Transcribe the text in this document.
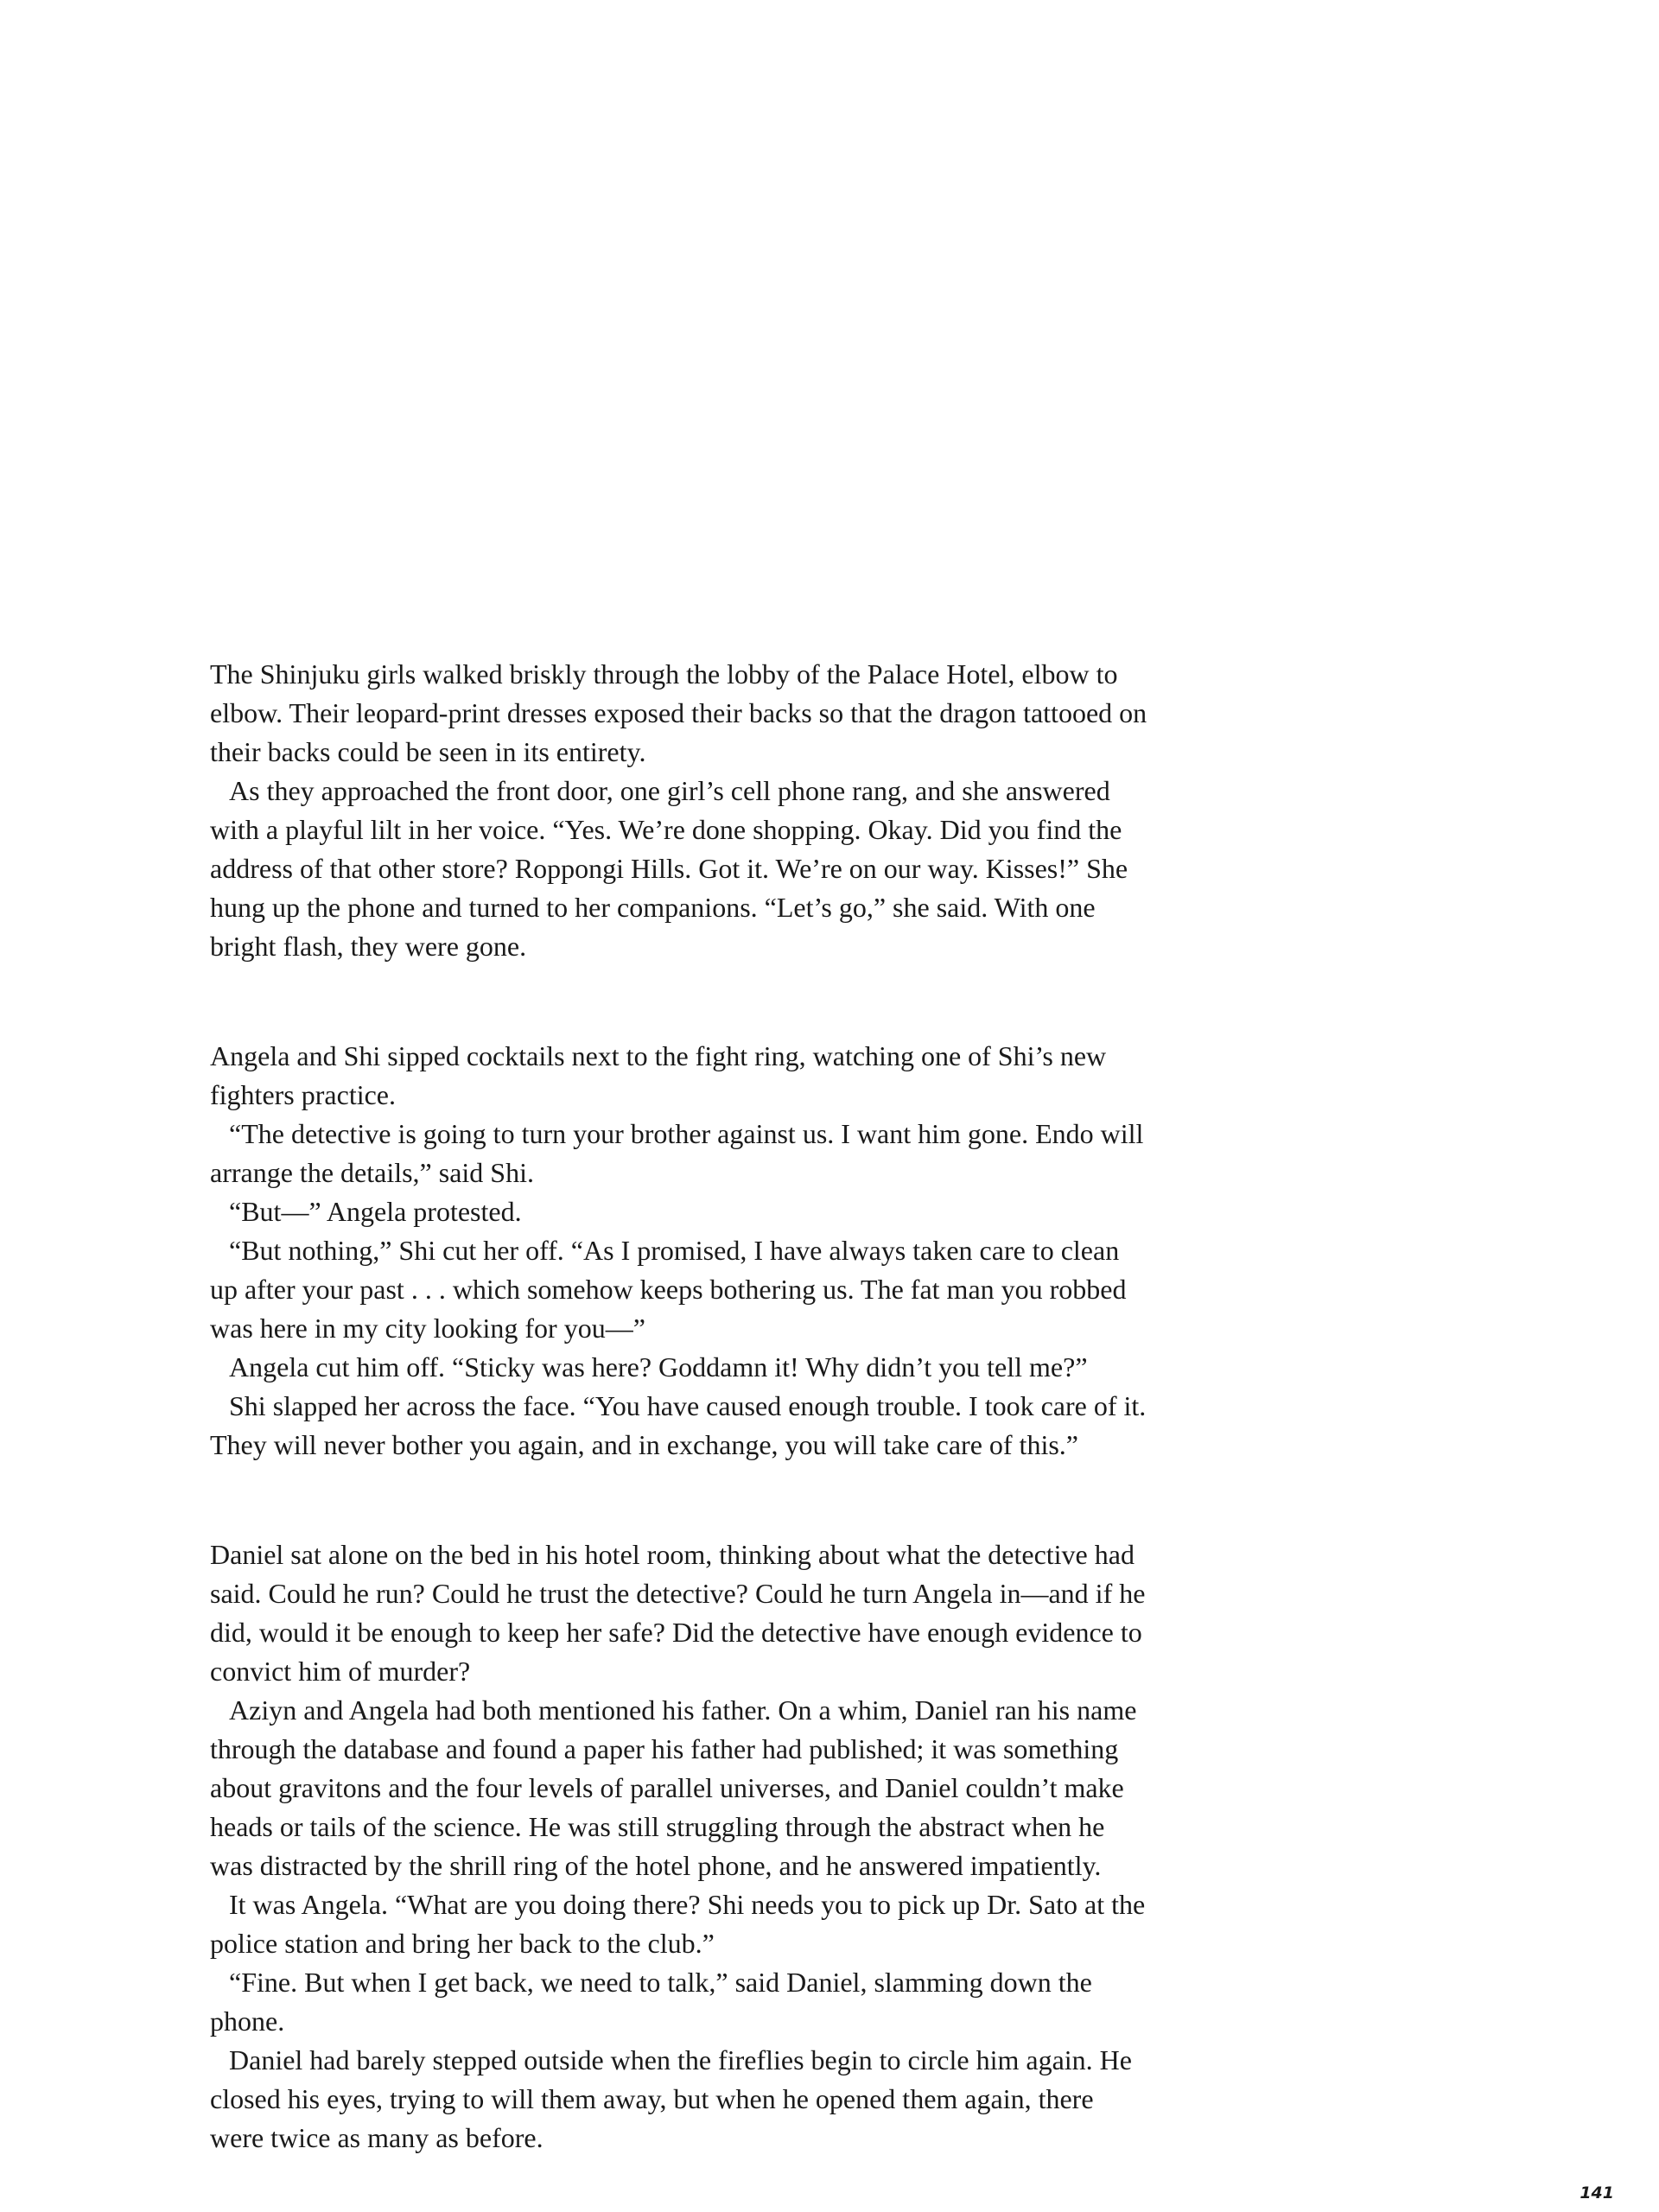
The Shinjuku girls walked briskly through the lobby of the Palace Hotel, elbow to elbow. Their leopard-print dresses exposed their backs so that the dragon tattooed on their backs could be seen in its entirety.

As they approached the front door, one girl’s cell phone rang, and she answered with a playful lilt in her voice. “Yes. We’re done shopping. Okay. Did you find the address of that other store? Roppongi Hills. Got it. We’re on our way. Kisses!” She hung up the phone and turned to her companions. “Let’s go,” she said. With one bright flash, they were gone.

Angela and Shi sipped cocktails next to the fight ring, watching one of Shi’s new fighters practice.

“The detective is going to turn your brother against us. I want him gone. Endo will arrange the details,” said Shi.

“But—” Angela protested.

“But nothing,” Shi cut her off. “As I promised, I have always taken care to clean up after your past . . . which somehow keeps bothering us. The fat man you robbed was here in my city looking for you—”

Angela cut him off. “Sticky was here? Goddamn it! Why didn’t you tell me?”

Shi slapped her across the face. “You have caused enough trouble. I took care of it. They will never bother you again, and in exchange, you will take care of this.”

Daniel sat alone on the bed in his hotel room, thinking about what the detective had said. Could he run? Could he trust the detective? Could he turn Angela in—and if he did, would it be enough to keep her safe? Did the detective have enough evidence to convict him of murder?

Aziyn and Angela had both mentioned his father. On a whim, Daniel ran his name through the database and found a paper his father had published; it was something about gravitons and the four levels of parallel universes, and Daniel couldn’t make heads or tails of the science. He was still struggling through the abstract when he was distracted by the shrill ring of the hotel phone, and he answered impatiently.

It was Angela. “What are you doing there? Shi needs you to pick up Dr. Sato at the police station and bring her back to the club.”

“Fine. But when I get back, we need to talk,” said Daniel, slamming down the phone.

Daniel had barely stepped outside when the fireflies begin to circle him again. He closed his eyes, trying to will them away, but when he opened them again, there were twice as many as before.

141
